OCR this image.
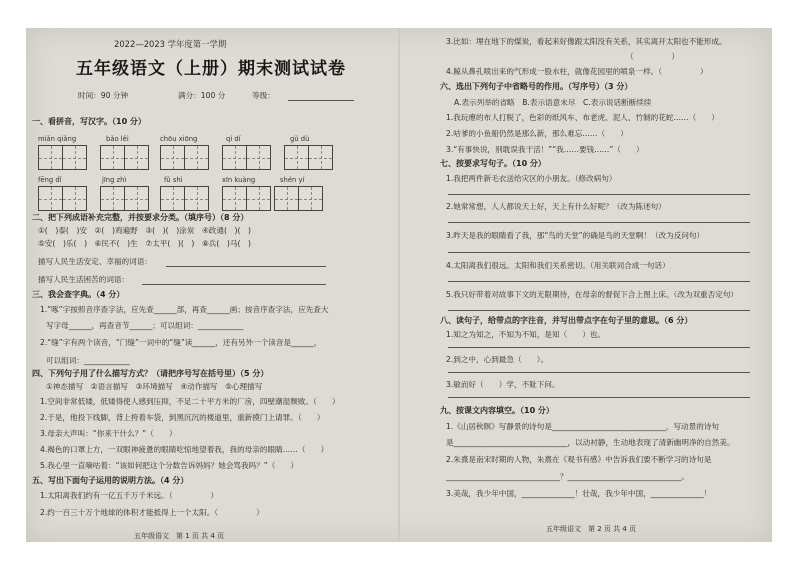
2022—2023 学年度第一学期
五年级语文（上册）期末测试试卷
时间：90 分钟	满分：100 分	等级：
一、看拼音，写汉字。（10 分）
miǎn qiǎng	bǎo lěi	chōu xiōng	qí dí	gǔ dù
fēng dǐ	jīng zhì	fǔ shì	xīn kuàng	shén yí
二、把下列成语补充完整，并按要求分类。（填序号）（8 分）
①(　)泰(　)安　②(　)鸡遍野　③(　)(　)涂炭　④政通(　)(　)
⑤安(　)乐(　)　⑥民不(　)生　⑦太平(　)(　)　⑧兵(　)马(　)
描写人民生活安定、幸福的词语：
描写人民生活困苦的词语：
三、我会查字典。（4 分）
1.“啄”字按照音序查字法，应先查______部，再查______画；按音序查字法，应先查大
写字母______，再查音节______；可以组词：____________
2.“缝”字有两个读音，“门缝”一词中的“缝”读______，还有另外一个读音是______，
可以组词：____________
四、下列句子用了什么描写方式？（请把序号写在括号里）（5 分）
①神态描写　②语言描写　③环境描写　④动作描写　⑤心理描写
1.空间非常低矮，低矮得使人感到压抑，不足二十平方米的厂房，四壁潮湿颓败。（　　）
2.于是，他投下线脚，背上挎着车袋，到黑沉沉的楼道里，重新摸门上请罪。（　　）
3.母亲大声叫：“你来干什么？”（　　）
4.褐色的口罩上方，一双眼神疲惫的眼睛吃惊地望着我，我的母亲的眼睛……（　　）
5.我心里一直嘀咕着：“该如何把这个分数告诉妈妈？她会骂我吗？”（　　）
五、写出下面句子运用的说明方法。（4 分）
1.太阳离我们约有一亿五千万千米远。（　　　　　）
2.约一百三十万个地球的体积才能抵得上一个太阳。（　　　　　）
五年级语文　第 1 页 共 4 页
3.比如：埋在地下的煤炭，看起来好像跟太阳没有关系，其实离开太阳也不能形成。
（　　　　　）
4.鲸从鼻孔喷出来的气形成一股水柱，就像花园里的喷泉一样。（　　　　　）
六、选出下列句子中省略号的作用。（写序号）（3 分）
A.表示列举的省略　B.表示语意未尽　C.表示说话断断续续
1.我玩瘪的布人打脱了，色彩的纸风车、布老虎、泥人、竹制的花蛇……（　　）
2.咕爹的小鱼船仍然是那么新，那么难忘……（　　）
3.“有事快说，别耽误我干活！”“我……要钱……”（　　）
七、按要求写句子。（10 分）
1.我把两件新毛衣送给灾区的小朋友。（修改病句）
2.她常常想，人人都说天上好，天上有什么好呢？（改为陈述句）
3.昨天是我的眼睛看了我，那“鸟的天堂”的确是鸟的天堂啊！（改为反问句）
4.太阳离我们很远。太阳和我们关系密切。（用关联词合成一句话）
5.我只好带着对故事下文的无限期待，在母亲的督促下合上图上床。（改为双重否定句）
八、读句子，给带点的字注音，并写出带点字在句子里的意思。（6 分）
1.知之为知之，不知为不知，是知（　　）也。
2.到之中，心到最急（　　）。
3.敏而好（　　）学，不耻下问。
九、按课文内容填空。（10 分）
1.《山居秋暝》写静景的诗句是______________________________，写动景的诗句
是______________________________，以动衬静，生动地表现了清新幽明净的自然美。
2.朱熹是南宋时期的人物，朱熹在《观书有感》中告诉我们要不断学习的诗句是
______________________________？______________________________。
3.美哉，我少年中国，______________！壮哉，我少年中国，______________！
五年级语文　第 2 页 共 4 页
